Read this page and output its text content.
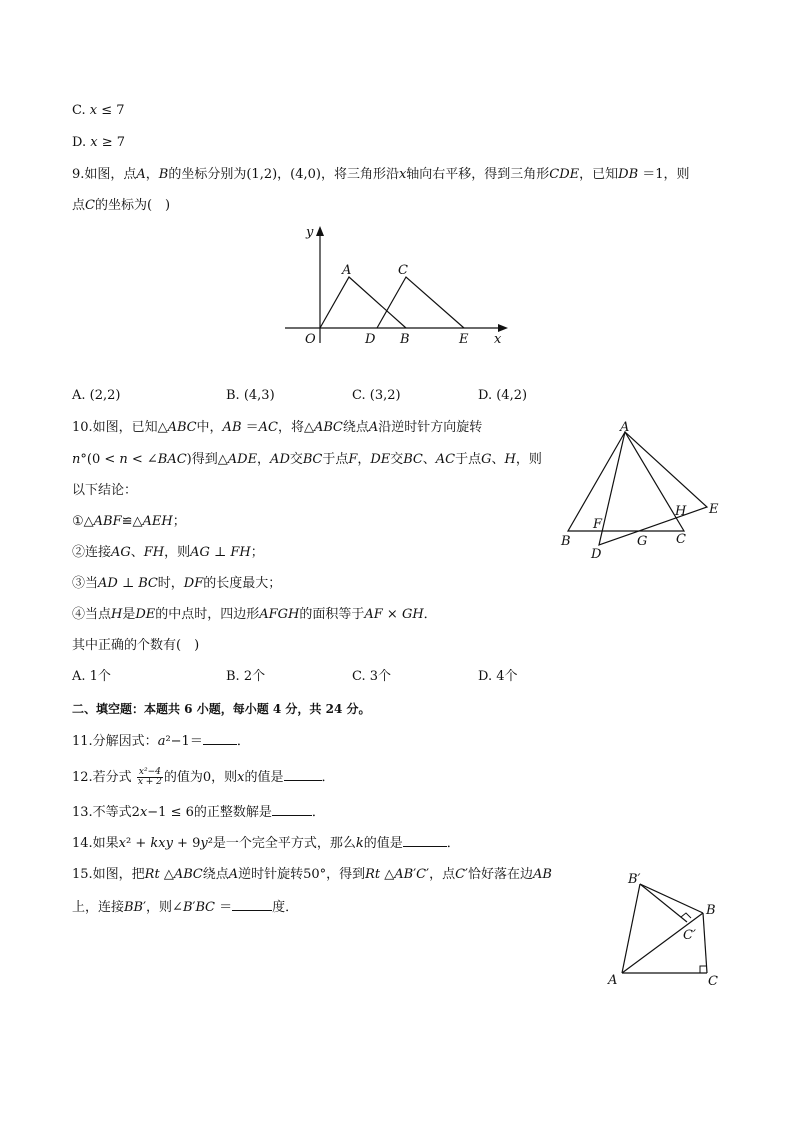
C. 𝑥 ≤ 7
D. 𝑥 ≥ 7
9.如图，点𝐴，𝐵的坐标分别为(1,2)，(4,0)，将三角形沿𝑥轴向右平移，得到三角形𝐶𝐷𝐸，已知𝐷𝐵 ＝1，则
点𝐶的坐标为(　)
y
x
O
A
B
C
D	E
A. (2,2)	B. (4,3)	C. (3,2)	D. (4,2)
10.如图，已知△𝐴𝐵𝐶中，𝐴𝐵 ＝𝐴𝐶，将△𝐴𝐵𝐶绕点𝐴沿逆时针方向旋转
𝑛°(0 < 𝑛 < ∠𝐵𝐴𝐶)得到△𝐴𝐷𝐸，𝐴𝐷交𝐵𝐶于点𝐹，𝐷𝐸交𝐵𝐶、𝐴𝐶于点𝐺、𝐻，则
以下结论：
①△𝐴𝐵𝐹≌△𝐴𝐸𝐻；
②连接𝐴𝐺、𝐹𝐻，则𝐴𝐺 ⊥ 𝐹𝐻；
③当𝐴𝐷 ⊥ 𝐵𝐶时，𝐷𝐹的长度最大；
④当点𝐻是𝐷𝐸的中点时，四边形𝐴𝐹𝐺𝐻的面积等于𝐴𝐹 × 𝐺𝐻．
其中正确的个数有(　)
A
B	C
D
E
F
G
H
A. 1个	B. 2个	C. 3个	D. 4个
二、填空题：本题共 6 小题，每小题 4 分，共 24 分。
11.分解因式：𝑎²−1＝	．
12.若分式 $\frac{\text{x²−4}}{x + 2}$ 的值为0，则𝑥的值是	．
13.不等式2𝑥−1 ≤ 6的正整数解是	．
14.如果𝑥² + 𝑘𝑥𝑦 + 9𝑦²是一个完全平方式，那么𝑘的值是	．
15.如图，把𝑅𝑡 △𝐴𝐵𝐶绕点𝐴逆时针旋转50°，得到𝑅𝑡 △𝐴𝐵′𝐶′，点𝐶′恰好落在边𝐴𝐵
上，连接𝐵𝐵′，则∠𝐵′𝐵𝐶 ＝	度．
B′
B
C′
A	C
